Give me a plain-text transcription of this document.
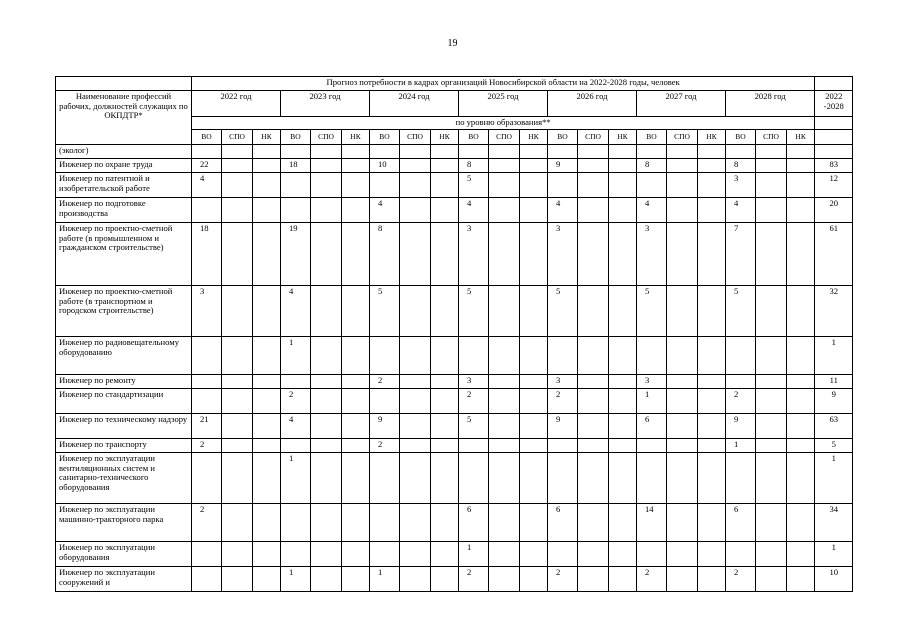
19
	Прогноз потребности в кадрах организаций Новосибирской области на 2022-2028 годы, человек																					
Наименование профессий рабочих, должностей служащих по ОКПДТР*	2022 год			2023 год			2024 год			2025 год			2026 год			2027 год			2028 год			2022 -2028
	по уровню образования**																					
	ВО	СПО	НК	ВО	СПО	НК	ВО	СПО	НК	ВО	СПО	НК	ВО	СПО	НК	ВО	СПО	НК	ВО	СПО	НК	
(эколог)																						
Инженер по охране труда	22			18			10			8			9			8			8			83
Инженер по патентной и изобретательской работе	4									5									3			12
Инженер по подготовке производства							4			4			4			4			4			20
Инженер по проектно-сметной работе (в промышленном и гражданском строительстве)	18			19			8			3			3			3			7			61
Инженер по проектно-сметной работе (в транспортном и городском строительстве)	3			4			5			5			5			5			5			32
Инженер по радиовещательному оборудованию				1																		1
Инженер по ремонту							2			3			3			3						11
Инженер по стандартизации				2						2			2			1			2			9
Инженер по техническому надзору	21			4			9			5			9			6			9			63
Инженер по транспорту	2						2												1			5
Инженер по эксплуатации вентиляционных систем и санитарно-технического оборудования				1																		1
Инженер по эксплуатации машинно-тракторного парка	2									6			6			14			6			34
Инженер по эксплуатации оборудования										1												1
Инженер по эксплуатации сооружений и				1			1			2			2			2			2			10
